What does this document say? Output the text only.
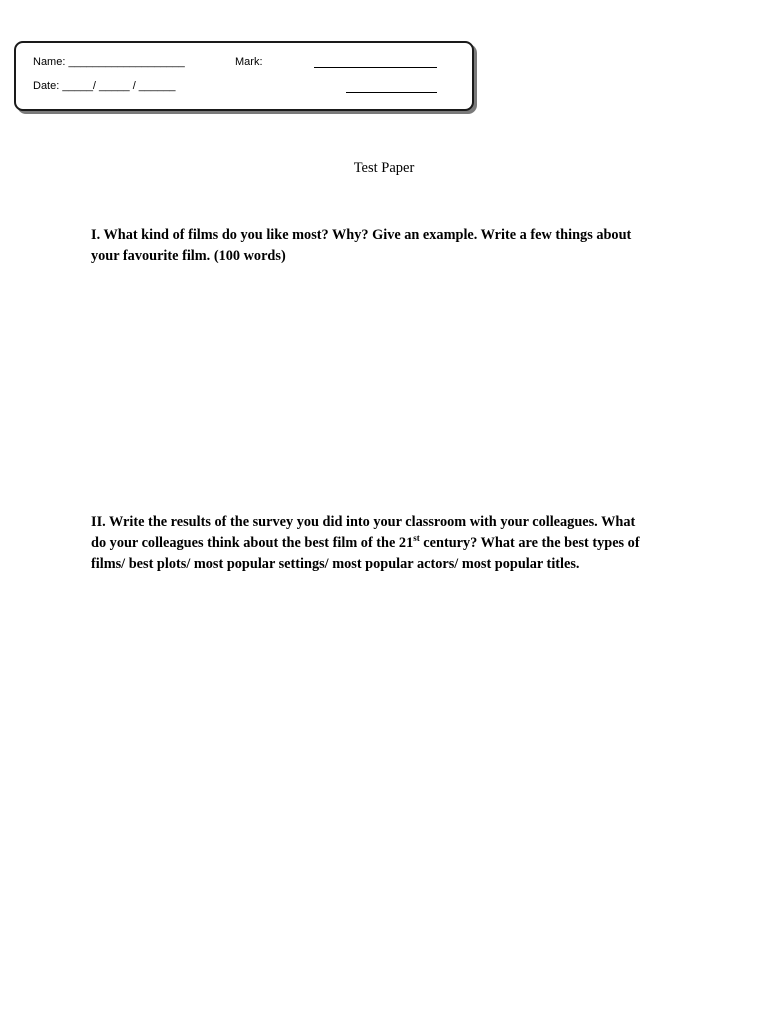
Name: ___________________	Mark:
Date: _____/ _____ / ______
Test Paper
I. What kind of films do you like most? Why? Give an example. Write a few things about
your favourite film. (100 words)
II. Write the results of the survey you did into your classroom with your colleagues. What
do your colleagues think about the best film of the 21st century? What are the best types of
films/ best plots/ most popular settings/ most popular actors/ most popular titles.
